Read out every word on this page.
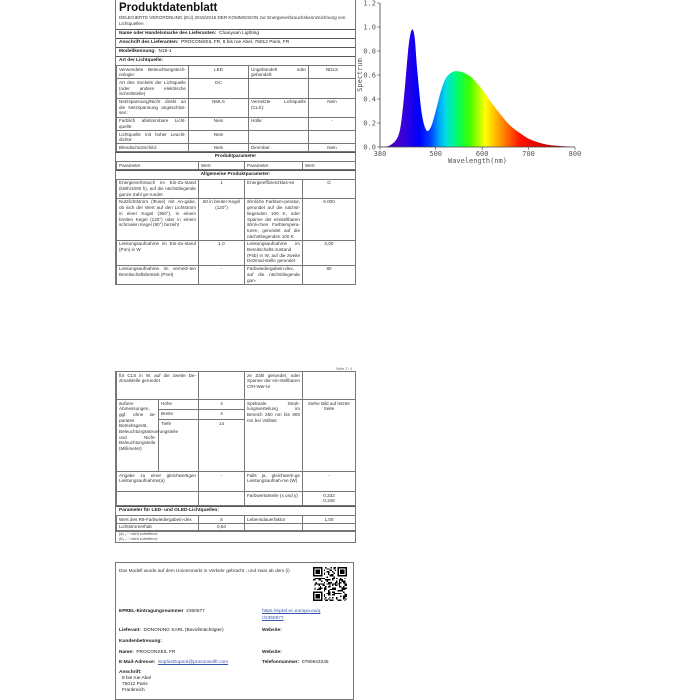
Produktdatenblatt
DELEGIERTE VERORDNUNG (EU) 2019/2015 DER KOMMISSION zur Energieverbrauchskennzeichnung von Lichtquellen
Name oder Handelsmarke des Lieferanten: Chaoyuan Lighting
Anschrift des Lieferanten: PROCONSEIL FR, 8 bis rue Abel, 75012 Paris, FR
Modellkennung: N15-1
Art der Lichtquelle:
Verwendete Beleuchtungstech-nologie:	LED	Ungebündelt oder gebündelt:	NDLS
Art des Sockels der Lichtquelle (oder andere elektrische Schnittstelle)	DC		
Netzspannung/Nicht direkt an die Netzspannung angeschlos-sen:	NMLS	Vernetzte Lichtquelle (CLS):	Nein
Farblich abstimmbare Licht-quelle:	Nein	Hülle:	-
Lichtquelle mit hoher Leucht-dichte:	Nein		
Blendschutzschild:	Nein	Dimmbar:	Nein
Produktparameter
Parameter	Wert	Parameter	Wert
Allgemeine Produktparameter:
Energieverbrauch im Ein-Zu-stand (kWh/1000 h), auf die nächstliegende ganze Zahl ge-rundet	1	Energieeffizienzklas-se	G
Nutzlichtstrom (Φuse) mit An-gabe, ob sich der Wert auf den Lichtstrom in einer Kugel (360°), in einem breiten Kegel (120°) oder in einem schmalen Kegel (90°) bezieht	50 in breiter Kegel (120°)	ähnliche Farbtem-peratur, gerundet auf die nächst-liegenden 100 K, oder Spanne der einstellbaren ähnli-chen Farbtempera-turen, gerundet auf die nächstliegenden 100 K	6.000
Leistungsaufnahme im Ein-Zu-stand (Pon) in W	1,0	Leistungsaufnahme im Bereitschafts-zustand (Psb) in W, auf die zweite Dezimal-stelle gerundet	0,00
Leistungsaufnahme im vernetz-ten Bereitschaftsbetrieb (Pnet)	-	Farbwiedergabein-dex, auf die nächstliegende gan-	80
Seite 2 / 4
für CLS in W, auf die zweite De-zimalstelle gerundet			ze Zahl gerundet, oder Spanne der ein-stellbaren CRI-Wer-te	
äußere Abmessungen, ggf. ohne se-parates Betriebsgerät, Beleuchtungssteuerungsteile und Nicht-Beleuchtungsteile (Millimeter)	Höhe	4	Spektrale Strah-lungsverteilung im Bereich 250 nm bis 800 nm bei Volllast	Siehe Bild auf letzter Seite
	Breite	4		
	Tiefe	14		
Angabe zu einer gleichwertigen Leistungsaufnahme(a)		-	Falls ja, gleichwerti-ge Leistungsaufnah-me (W)	-
			Farbwertanteile (x und y)	0,332
0,346
Parameter für LED- und OLED-Lichtquellen:
Wert des R9-Farbwiedergabein-dex	5	Lebensdauerfaktor	1,00
Lichtstromerhalt	0,94		
(a) „-": nicht zutreffend;
(b) „-": nicht zutreffend;
Das Modell wurde auf dem Unionsmarkt in Verkehr gebracht , und zwar ab dem (i)
EPREL-Eintragungsnummer 2350577	https://eprel.ec.europa.eu/qr/2350577
Lieferant: DONGNING SARL (Bevollmächtigter)	Website:
Kundenbetreuung:
Name: PROCONSEIL FR	Website:
E-Mail-Adresse: SophieDupont@proconseilfr.com	Telefonnummer: 0780843245
Anschrift:
8 bis rue Abel
75012 Paris
Frankreich
380	500	600	700	800
0.0
0.2
0.4
0.6
0.8
1.0
1.2
Wavelength(nm)
Spectrum
